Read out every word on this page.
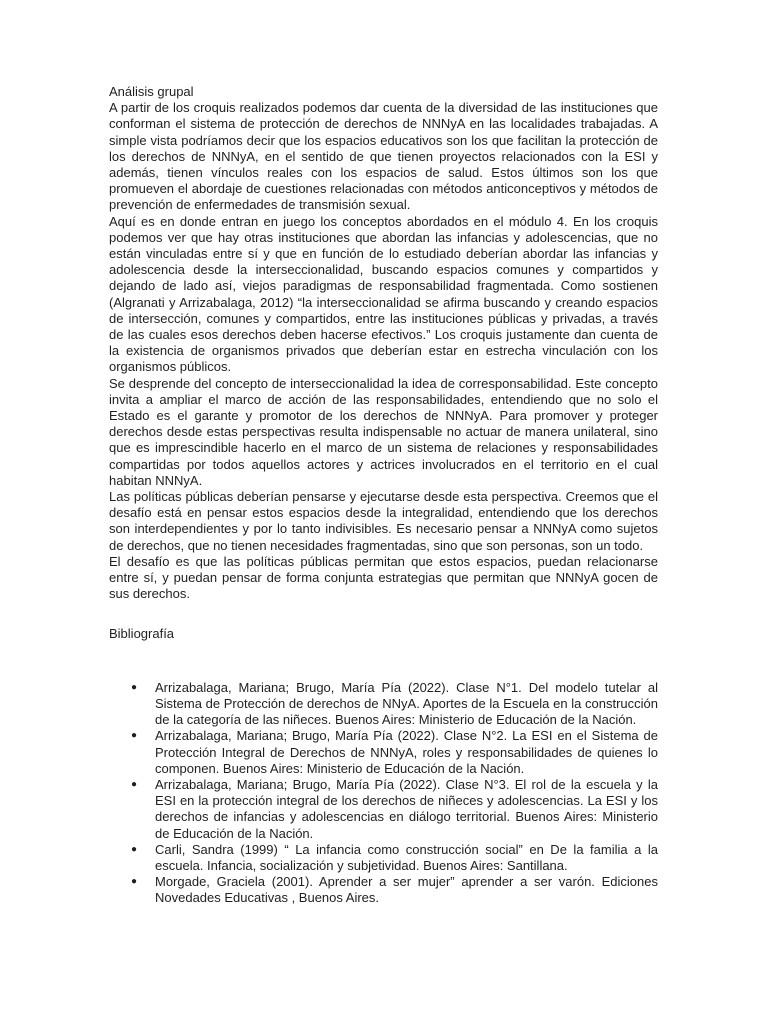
Análisis grupal

A partir de los croquis realizados podemos dar cuenta de la diversidad de las instituciones que conforman el sistema de protección de derechos de NNNyA en las localidades trabajadas. A simple vista podríamos decir que los espacios educativos son los que facilitan la protección de los derechos de NNNyA, en el sentido de que tienen proyectos relacionados con la ESI y además, tienen vínculos reales con los espacios de salud. Estos últimos son los que promueven el abordaje de cuestiones relacionadas con métodos anticonceptivos y métodos de prevención de enfermedades de transmisión sexual.

Aquí es en donde entran en juego los conceptos abordados en el módulo 4. En los croquis podemos ver que hay otras instituciones que abordan las infancias y adolescencias, que no están vinculadas entre sí y que en función de lo estudiado deberían abordar las infancias y adolescencia desde la interseccionalidad, buscando espacios comunes y compartidos y dejando de lado así, viejos paradigmas de responsabilidad fragmentada. Como sostienen (Algranati y Arrizabalaga, 2012) “la interseccionalidad se afirma buscando y creando espacios de intersección, comunes y compartidos, entre las instituciones públicas y privadas, a través de las cuales esos derechos deben hacerse efectivos.” Los croquis justamente dan cuenta de la existencia de organismos privados que deberían estar en estrecha vinculación con los organismos públicos.

Se desprende del concepto de interseccionalidad la idea de corresponsabilidad. Este concepto invita a ampliar el marco de acción de las responsabilidades, entendiendo que no solo el Estado es el garante y promotor de los derechos de NNNyA. Para promover y proteger derechos desde estas perspectivas resulta indispensable no actuar de manera unilateral, sino que es imprescindible hacerlo en el marco de un sistema de relaciones y responsabilidades compartidas por todos aquellos actores y actrices involucrados en el territorio en el cual habitan NNNyA.

Las políticas públicas deberían pensarse y ejecutarse desde esta perspectiva. Creemos que el desafío está en pensar estos espacios desde la integralidad, entendiendo que los derechos son interdependientes y por lo tanto indivisibles. Es necesario pensar a NNNyA como sujetos de derechos, que no tienen necesidades fragmentadas, sino que son personas, son un todo.

El desafío es que las políticas públicas permitan que estos espacios, puedan relacionarse entre sí, y puedan pensar de forma conjunta estrategias que permitan que NNNyA gocen de sus derechos.

Bibliografía
● Arrizabalaga, Mariana; Brugo, María Pía (2022). Clase N°1. Del modelo tutelar al Sistema de Protección de derechos de NNyA. Aportes de la Escuela en la construcción de la categoría de las niñeces. Buenos Aires: Ministerio de Educación de la Nación.
● Arrizabalaga, Mariana; Brugo, María Pía (2022). Clase N°2. La ESI en el Sistema de Protección Integral de Derechos de NNNyA, roles y responsabilidades de quienes lo componen. Buenos Aires: Ministerio de Educación de la Nación.
● Arrizabalaga, Mariana; Brugo, María Pía (2022). Clase N°3. El rol de la escuela y la ESI en la protección integral de los derechos de niñeces y adolescencias. La ESI y los derechos de infancias y adolescencias en diálogo territorial. Buenos Aires: Ministerio de Educación de la Nación.
● Carli, Sandra (1999) “ La infancia como construcción social” en De la familia a la escuela. Infancia, socialización y subjetividad. Buenos Aires: Santillana.
● Morgade, Graciela (2001). Aprender a ser mujer” aprender a ser varón. Ediciones Novedades Educativas , Buenos Aires.
